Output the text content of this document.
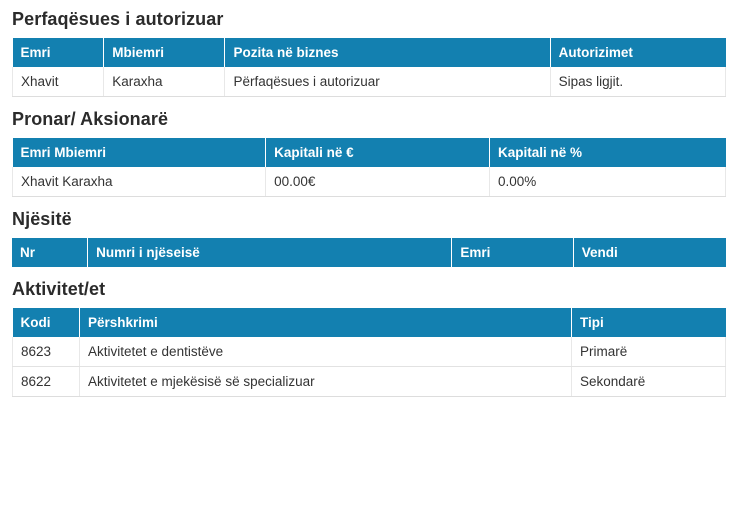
Perfaqësues i autorizuar
Emri	Mbiemri	Pozita në biznes	Autorizimet
Xhavit	Karaxha	Përfaqësues i autorizuar	Sipas ligjit.
Pronar/ Aksionarë
Emri Mbiemri	Kapitali në €	Kapitali në %
Xhavit Karaxha	00.00€	0.00%
Njësitë
Nr	Numri i njëseisë	Emri	Vendi
Aktivitet/et
Kodi	Përshkrimi	Tipi
8623	Aktivitetet e dentistëve	Primarë
8622	Aktivitetet e mjekësisë së specializuar	Sekondarë
